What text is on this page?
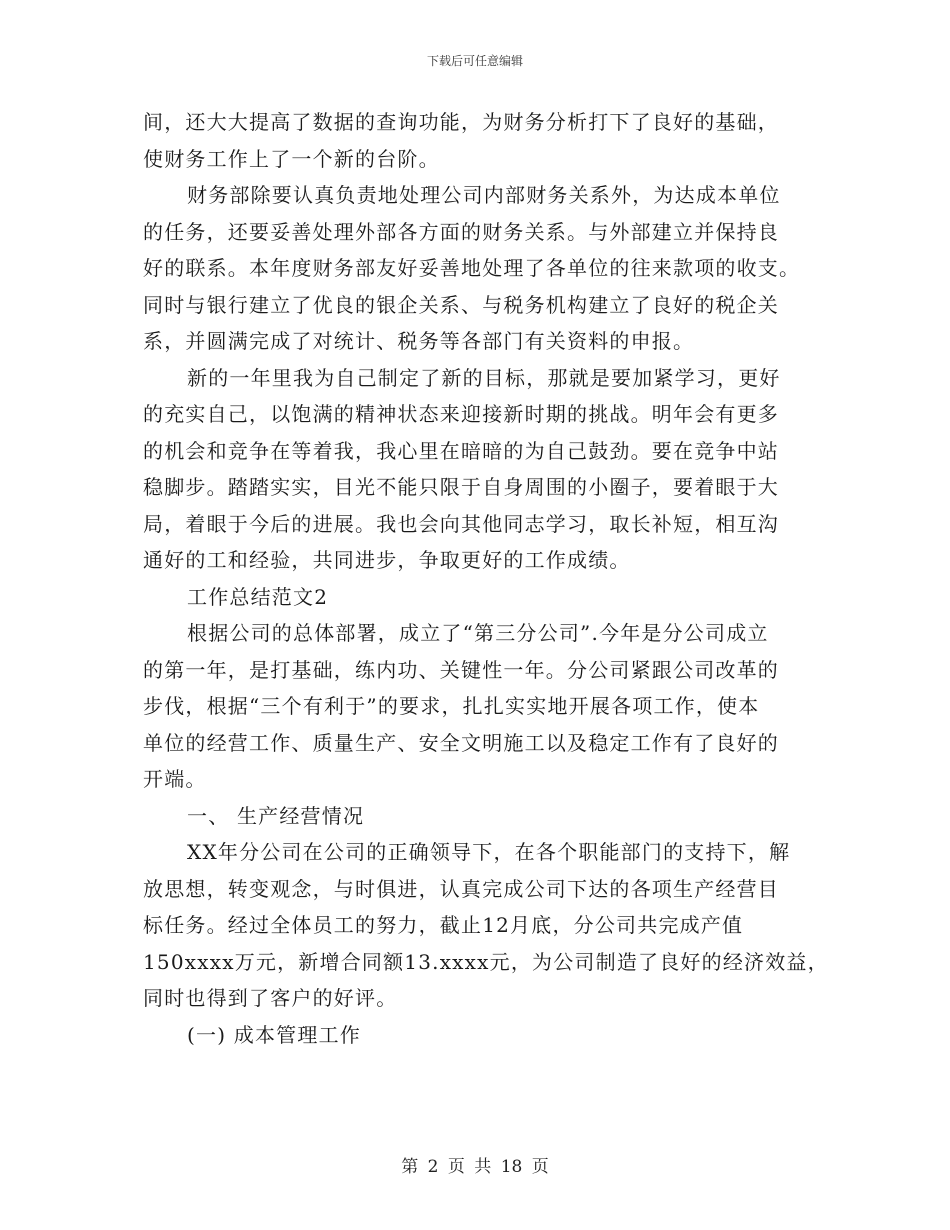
下载后可任意编辑
间，还大大提高了数据的查询功能，为财务分析打下了良好的基础，
使财务工作上了一个新的台阶。
财务部除要认真负责地处理公司内部财务关系外，为达成本单位
的任务，还要妥善处理外部各方面的财务关系。与外部建立并保持良
好的联系。本年度财务部友好妥善地处理了各单位的往来款项的收支。
同时与银行建立了优良的银企关系、与税务机构建立了良好的税企关
系，并圆满完成了对统计、税务等各部门有关资料的申报。
新的一年里我为自己制定了新的目标，那就是要加紧学习，更好
的充实自己，以饱满的精神状态来迎接新时期的挑战。明年会有更多
的机会和竞争在等着我，我心里在暗暗的为自己鼓劲。要在竞争中站
稳脚步。踏踏实实，目光不能只限于自身周围的小圈子，要着眼于大
局，着眼于今后的进展。我也会向其他同志学习，取长补短，相互沟
通好的工和经验，共同进步，争取更好的工作成绩。
工作总结范文2
根据公司的总体部署，成立了“第三分公司”.今年是分公司成立
的第一年，是打基础，练内功、关键性一年。分公司紧跟公司改革的
步伐，根据“三个有利于”的要求，扎扎实实地开展各项工作，使本
单位的经营工作、质量生产、安全文明施工以及稳定工作有了良好的
开端。
一、 生产经营情况
XX年分公司在公司的正确领导下，在各个职能部门的支持下，解
放思想，转变观念，与时俱进，认真完成公司下达的各项生产经营目
标任务。经过全体员工的努力，截止12月底，分公司共完成产值
150xxxx万元，新增合同额13.xxxx元，为公司制造了良好的经济效益，
同时也得到了客户的好评。
(一) 成本管理工作
第 2 页 共 18 页
